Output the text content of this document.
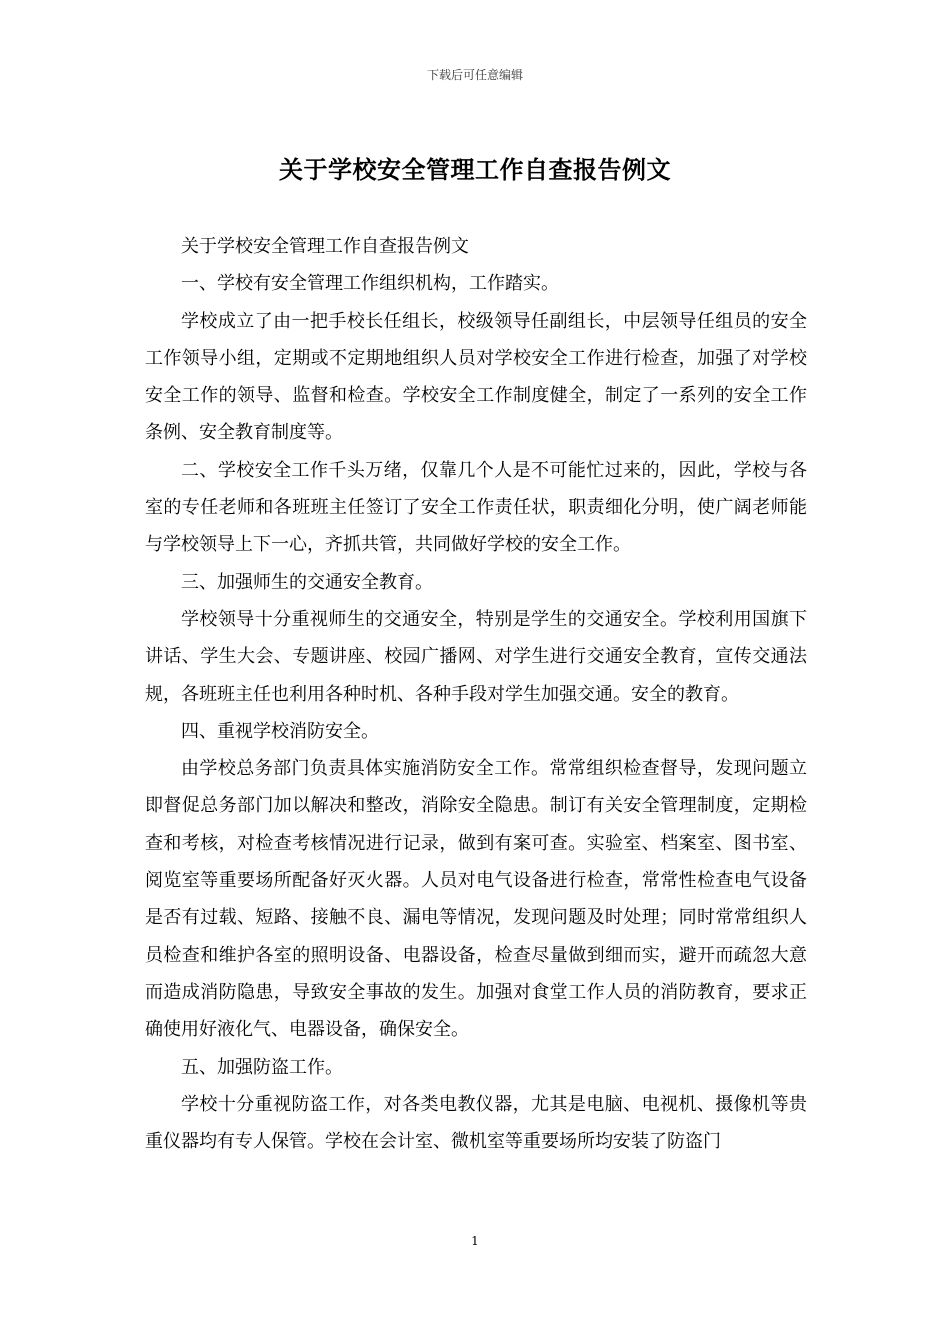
下载后可任意编辑
关于学校安全管理工作自查报告例文

关于学校安全管理工作自查报告例文

一、学校有安全管理工作组织机构，工作踏实。

学校成立了由一把手校长任组长，校级领导任副组长，中层领导任组员的安全工作领导小组，定期或不定期地组织人员对学校安全工作进行检查，加强了对学校安全工作的领导、监督和检查。学校安全工作制度健全，制定了一系列的安全工作条例、安全教育制度等。

二、学校安全工作千头万绪，仅靠几个人是不可能忙过来的，因此，学校与各室的专任老师和各班班主任签订了安全工作责任状，职责细化分明，使广阔老师能与学校领导上下一心，齐抓共管，共同做好学校的安全工作。

三、加强师生的交通安全教育。

学校领导十分重视师生的交通安全，特别是学生的交通安全。学校利用国旗下讲话、学生大会、专题讲座、校园广播网、对学生进行交通安全教育，宣传交通法规，各班班主任也利用各种时机、各种手段对学生加强交通。安全的教育。

四、重视学校消防安全。

由学校总务部门负责具体实施消防安全工作。常常组织检查督导，发现问题立即督促总务部门加以解决和整改，消除安全隐患。制订有关安全管理制度，定期检查和考核，对检查考核情况进行记录，做到有案可查。实验室、档案室、图书室、阅览室等重要场所配备好灭火器。人员对电气设备进行检查，常常性检查电气设备是否有过载、短路、接触不良、漏电等情况，发现问题及时处理；同时常常组织人员检查和维护各室的照明设备、电器设备，检查尽量做到细而实，避开而疏忽大意而造成消防隐患，导致安全事故的发生。加强对食堂工作人员的消防教育，要求正确使用好液化气、电器设备，确保安全。

五、加强防盗工作。

学校十分重视防盗工作，对各类电教仪器，尤其是电脑、电视机、摄像机等贵重仪器均有专人保管。学校在会计室、微机室等重要场所均安装了防盗门

1
